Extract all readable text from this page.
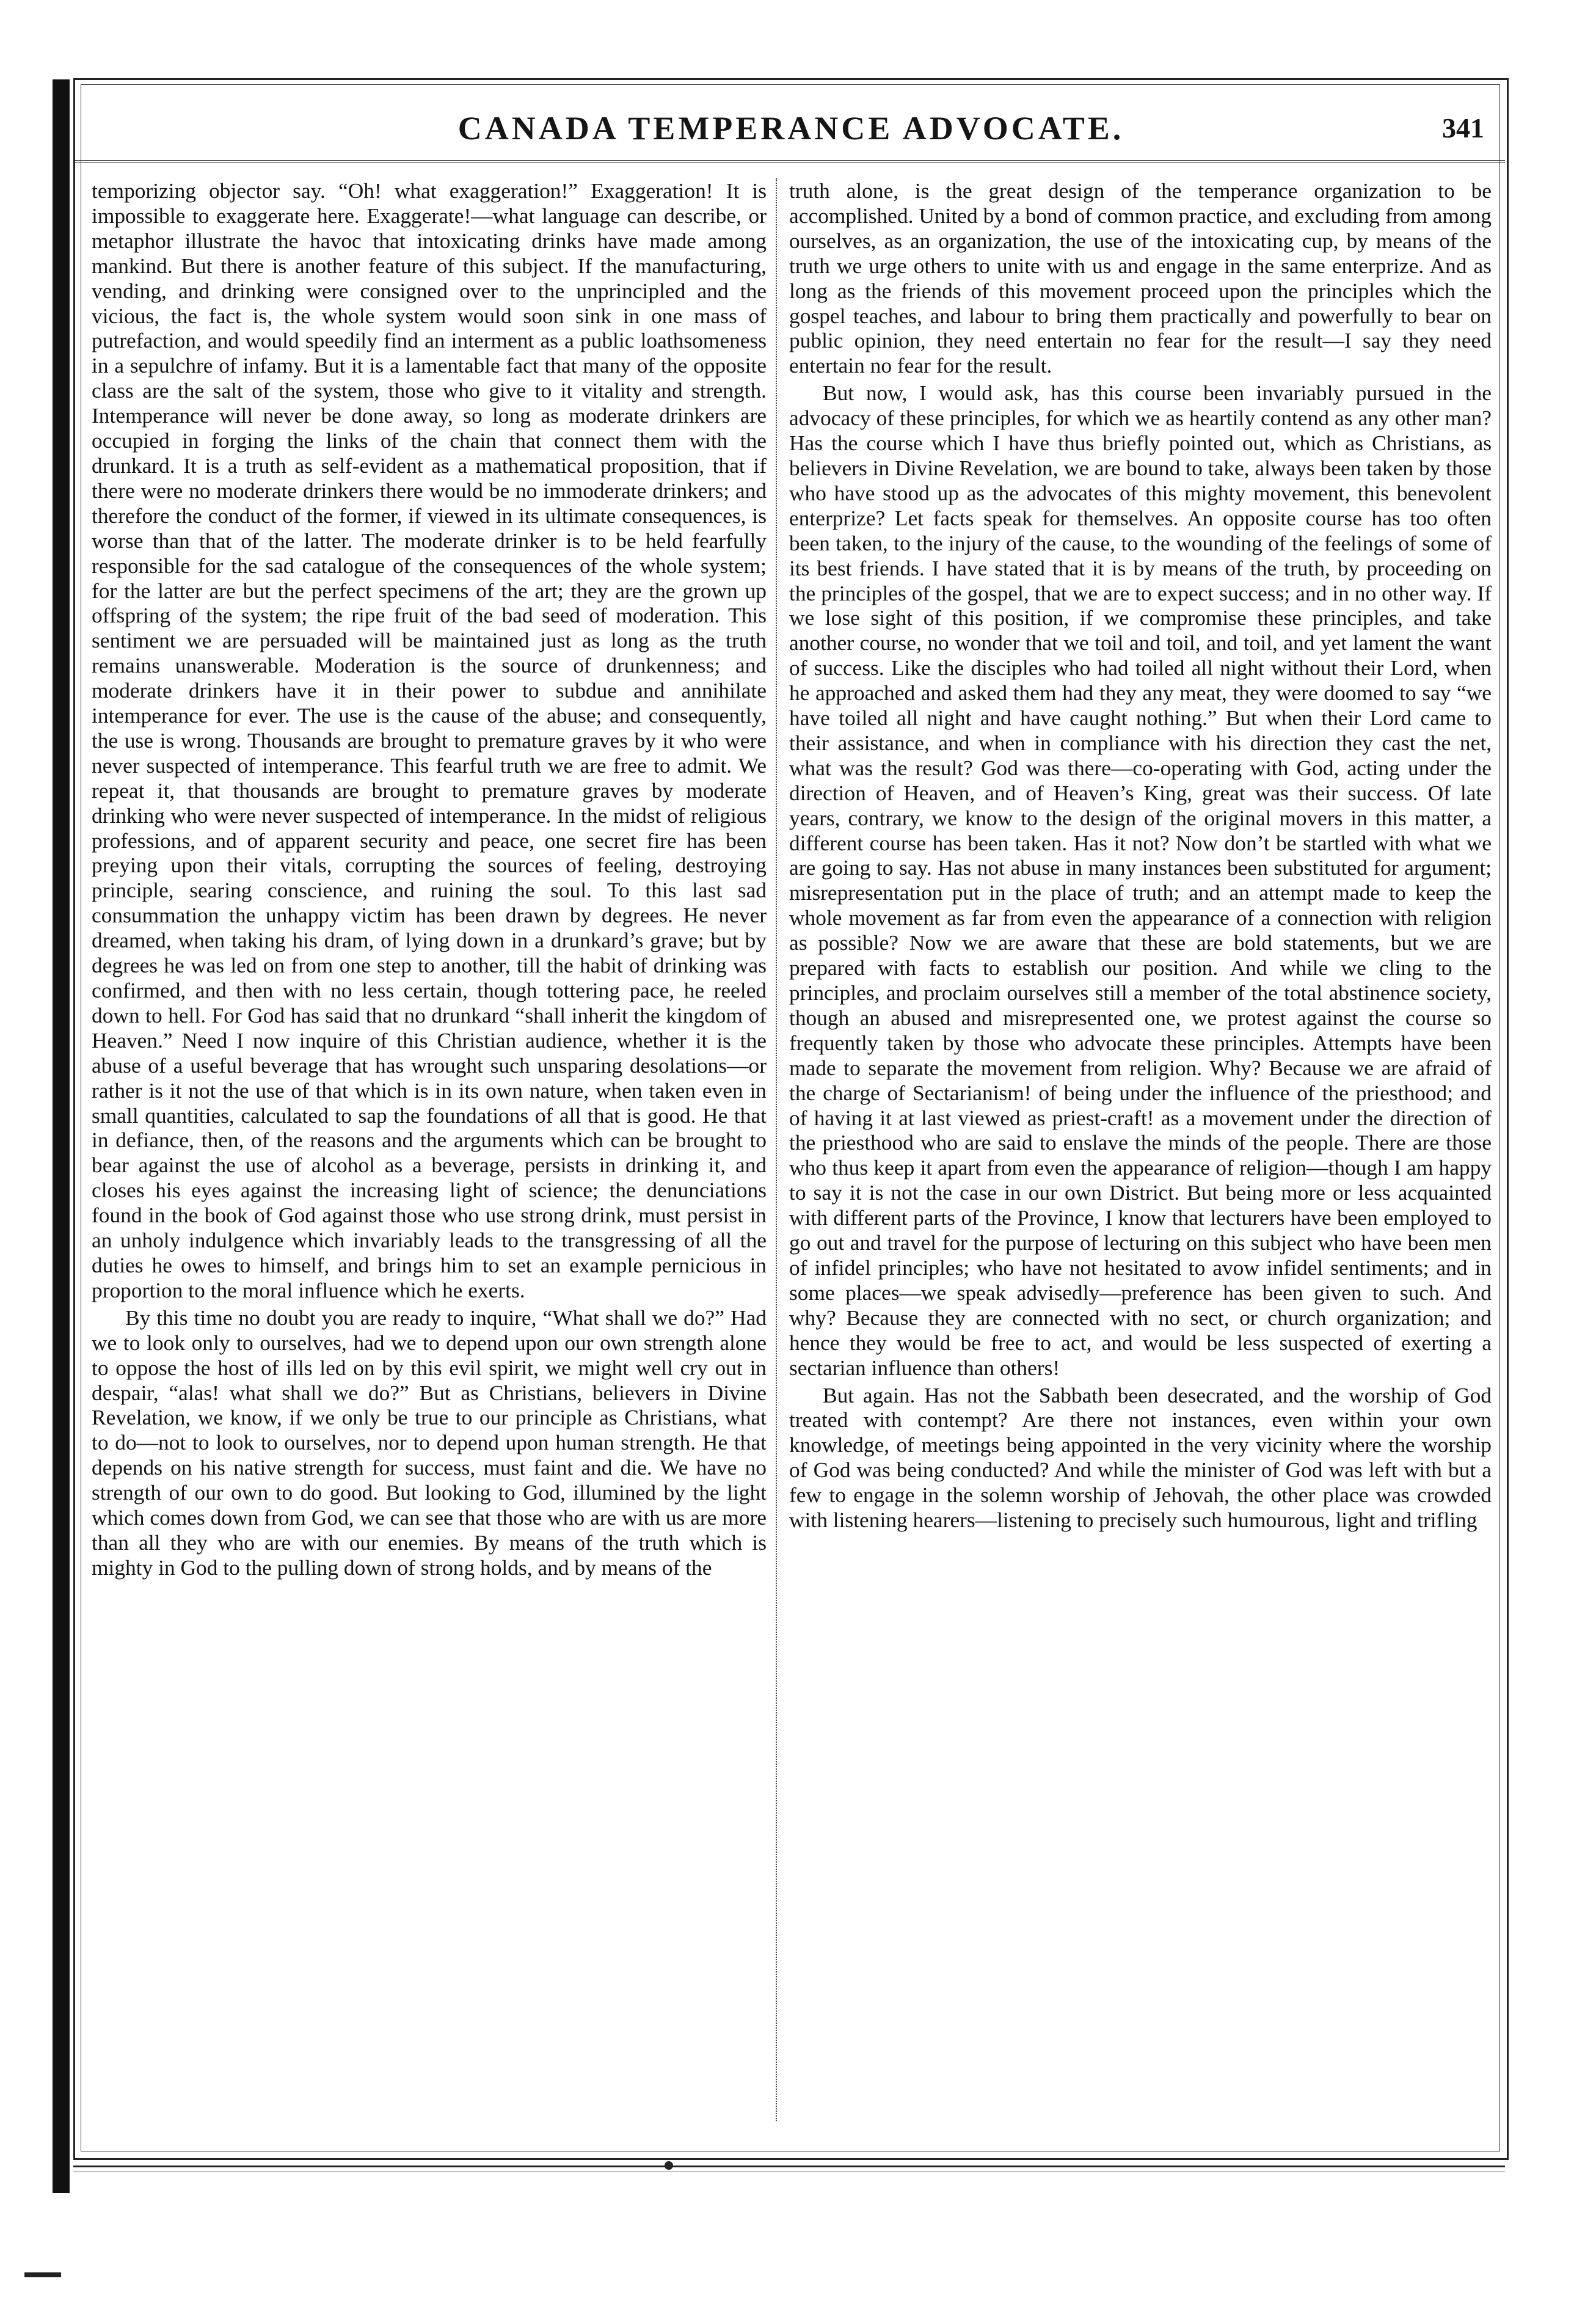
CANADA TEMPERANCE ADVOCATE.	341

temporizing objector say. “Oh! what exaggeration!” Exaggeration! It is impossible to exaggerate here. Exaggerate!—what language can describe, or metaphor illustrate the havoc that intoxicating drinks have made among mankind. But there is another feature of this subject. If the manufacturing, vending, and drinking were consigned over to the unprincipled and the vicious, the fact is, the whole system would soon sink in one mass of putrefaction, and would speedily find an interment as a public loathsomeness in a sepulchre of infamy. But it is a lamentable fact that many of the opposite class are the salt of the system, those who give to it vitality and strength. Intemperance will never be done away, so long as moderate drinkers are occupied in forging the links of the chain that connect them with the drunkard. It is a truth as self-evident as a mathematical proposition, that if there were no moderate drinkers there would be no immoderate drinkers; and therefore the conduct of the former, if viewed in its ultimate consequences, is worse than that of the latter. The moderate drinker is to be held fearfully responsible for the sad catalogue of the consequences of the whole system; for the latter are but the perfect specimens of the art; they are the grown up offspring of the system; the ripe fruit of the bad seed of moderation. This sentiment we are persuaded will be maintained just as long as the truth remains unanswerable. Moderation is the source of drunkenness; and moderate drinkers have it in their power to subdue and annihilate intemperance for ever. The use is the cause of the abuse; and consequently, the use is wrong. Thousands are brought to premature graves by it who were never suspected of intemperance. This fearful truth we are free to admit. We repeat it, that thousands are brought to premature graves by moderate drinking who were never suspected of intemperance. In the midst of religious professions, and of apparent security and peace, one secret fire has been preying upon their vitals, corrupting the sources of feeling, destroying principle, searing conscience, and ruining the soul. To this last sad consummation the unhappy victim has been drawn by degrees. He never dreamed, when taking his dram, of lying down in a drunkard’s grave; but by degrees he was led on from one step to another, till the habit of drinking was confirmed, and then with no less certain, though tottering pace, he reeled down to hell. For God has said that no drunkard “shall inherit the kingdom of Heaven.” Need I now inquire of this Christian audience, whether it is the abuse of a useful beverage that has wrought such unsparing desolations—or rather is it not the use of that which is in its own nature, when taken even in small quantities, calculated to sap the foundations of all that is good. He that in defiance, then, of the reasons and the arguments which can be brought to bear against the use of alcohol as a beverage, persists in drinking it, and closes his eyes against the increasing light of science; the denunciations found in the book of God against those who use strong drink, must persist in an unholy indulgence which invariably leads to the transgressing of all the duties he owes to himself, and brings him to set an example pernicious in proportion to the moral influence which he exerts.

By this time no doubt you are ready to inquire, “What shall we do?” Had we to look only to ourselves, had we to depend upon our own strength alone to oppose the host of ills led on by this evil spirit, we might well cry out in despair, “alas! what shall we do?” But as Christians, believers in Divine Revelation, we know, if we only be true to our principle as Christians, what to do—not to look to ourselves, nor to depend upon human strength. He that depends on his native strength for success, must faint and die. We have no strength of our own to do good. But looking to God, illumined by the light which comes down from God, we can see that those who are with us are more than all they who are with our enemies. By means of the truth which is mighty in God to the pulling down of strong holds, and by means of the

truth alone, is the great design of the temperance organization to be accomplished. United by a bond of common practice, and excluding from among ourselves, as an organization, the use of the intoxicating cup, by means of the truth we urge others to unite with us and engage in the same enterprize. And as long as the friends of this movement proceed upon the principles which the gospel teaches, and labour to bring them practically and powerfully to bear on public opinion, they need entertain no fear for the result—I say they need entertain no fear for the result.

But now, I would ask, has this course been invariably pursued in the advocacy of these principles, for which we as heartily contend as any other man? Has the course which I have thus briefly pointed out, which as Christians, as believers in Divine Revelation, we are bound to take, always been taken by those who have stood up as the advocates of this mighty movement, this benevolent enterprize? Let facts speak for themselves. An opposite course has too often been taken, to the injury of the cause, to the wounding of the feelings of some of its best friends. I have stated that it is by means of the truth, by proceeding on the principles of the gospel, that we are to expect success; and in no other way. If we lose sight of this position, if we compromise these principles, and take another course, no wonder that we toil and toil, and toil, and yet lament the want of success. Like the disciples who had toiled all night without their Lord, when he approached and asked them had they any meat, they were doomed to say “we have toiled all night and have caught nothing.” But when their Lord came to their assistance, and when in compliance with his direction they cast the net, what was the result? God was there—co-operating with God, acting under the direction of Heaven, and of Heaven’s King, great was their success. Of late years, contrary, we know to the design of the original movers in this matter, a different course has been taken. Has it not? Now don’t be startled with what we are going to say. Has not abuse in many instances been substituted for argument; misrepresentation put in the place of truth; and an attempt made to keep the whole movement as far from even the appearance of a connection with religion as possible? Now we are aware that these are bold statements, but we are prepared with facts to establish our position. And while we cling to the principles, and proclaim ourselves still a member of the total abstinence society, though an abused and misrepresented one, we protest against the course so frequently taken by those who advocate these principles. Attempts have been made to separate the movement from religion. Why? Because we are afraid of the charge of Sectarianism! of being under the influence of the priesthood; and of having it at last viewed as priest-craft! as a movement under the direction of the priesthood who are said to enslave the minds of the people. There are those who thus keep it apart from even the appearance of religion—though I am happy to say it is not the case in our own District. But being more or less acquainted with different parts of the Province, I know that lecturers have been employed to go out and travel for the purpose of lecturing on this subject who have been men of infidel principles; who have not hesitated to avow infidel sentiments; and in some places—we speak advisedly—preference has been given to such. And why? Because they are connected with no sect, or church organization; and hence they would be free to act, and would be less suspected of exerting a sectarian influence than others!

But again. Has not the Sabbath been desecrated, and the worship of God treated with contempt? Are there not instances, even within your own knowledge, of meetings being appointed in the very vicinity where the worship of God was being conducted? And while the minister of God was left with but a few to engage in the solemn worship of Jehovah, the other place was crowded with listening hearers—listening to precisely such humourous, light and trifling
